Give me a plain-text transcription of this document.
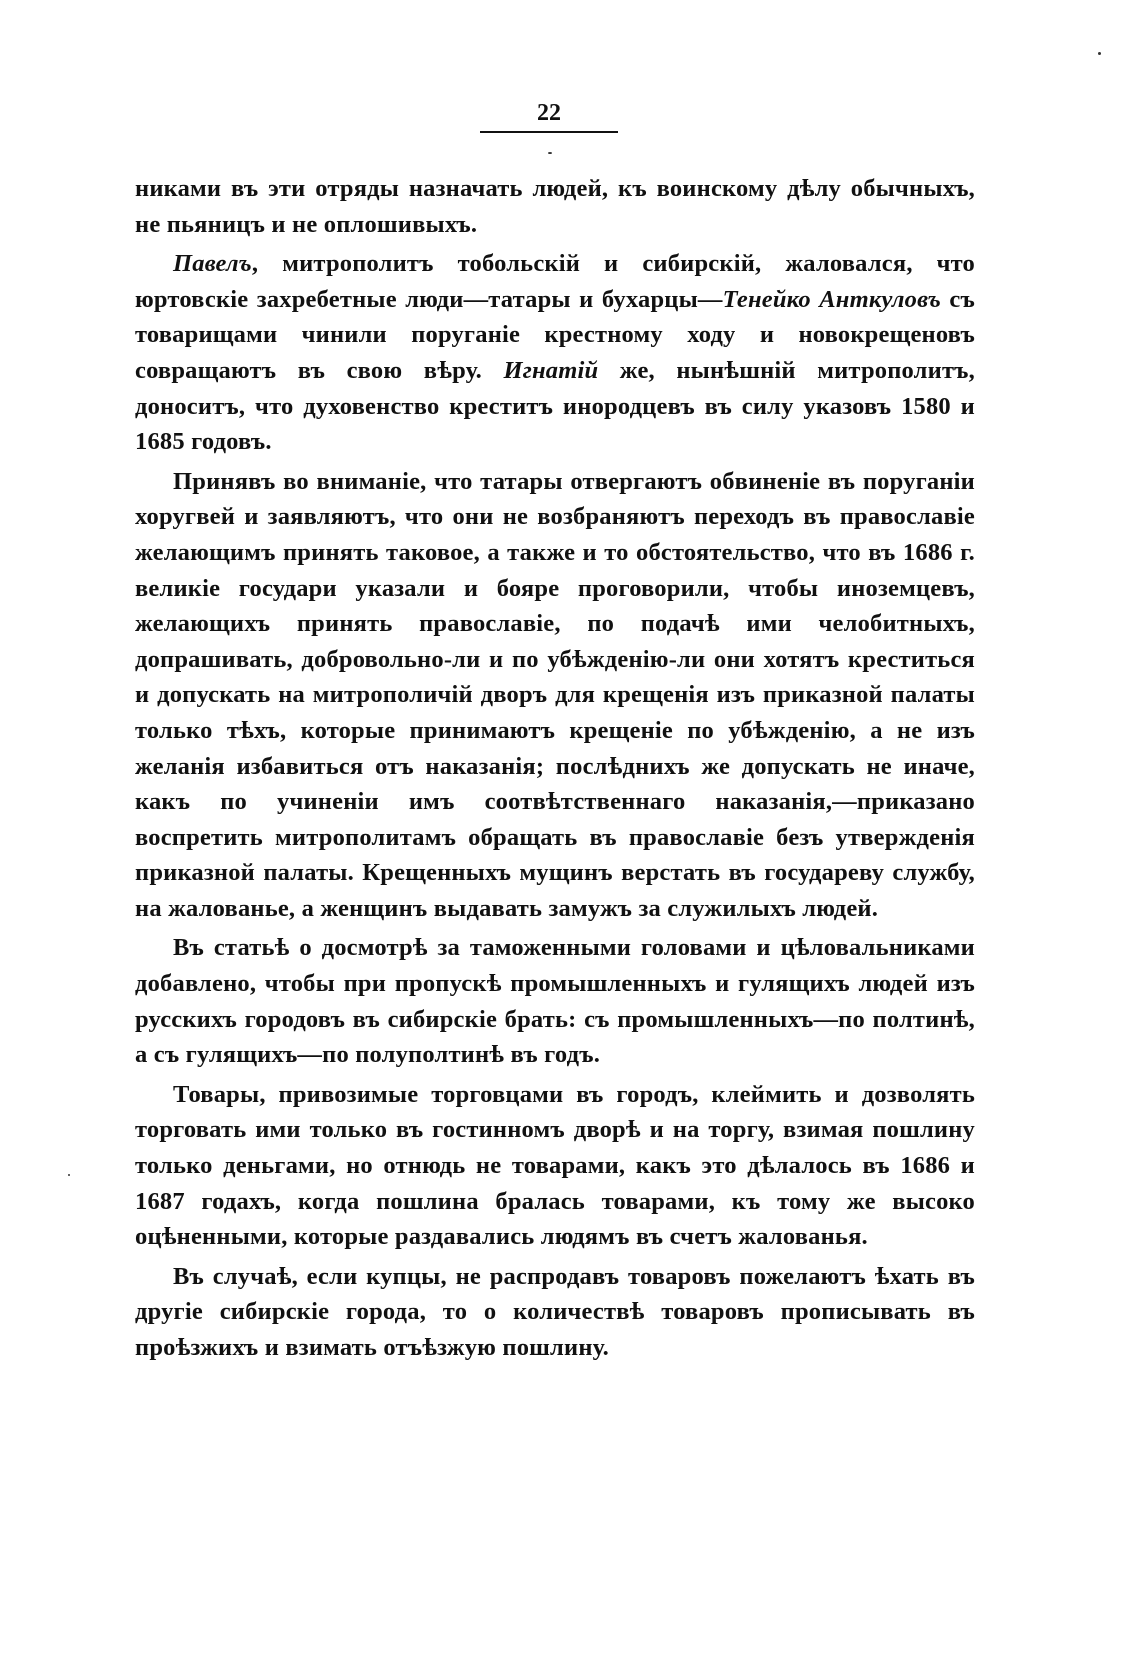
22

никами въ эти отряды назначать людей, къ воинскому дѣлу обычныхъ, не пьяницъ и не оплошивыхъ.

Павелъ, митрополитъ тобольскій и сибирскій, жаловался, что юртовскіе захребетные люди—татары и бухарцы—Тенейко Анткуловъ съ товарищами чинили поруганіе крестному ходу и новокрещеновъ совращаютъ въ свою вѣру. Игнатій же, нынѣшній митрополитъ, доноситъ, что духовенство креститъ инородцевъ въ силу указовъ 1580 и 1685 годовъ.

Принявъ во вниманіе, что татары отвергаютъ обвиненіе въ поруганіи хоругвей и заявляютъ, что они не возбраняютъ переходъ въ православіе желающимъ принять таковое, а также и то обстоятельство, что въ 1686 г. великіе государи указали и бояре проговорили, чтобы иноземцевъ, желающихъ принять православіе, по подачѣ ими челобитныхъ, допрашивать, добровольно-ли и по убѣжденію-ли они хотятъ креститься и допускать на митрополичій дворъ для крещенія изъ приказной палаты только тѣхъ, которые принимаютъ крещеніе по убѣжденію, а не изъ желанія избавиться отъ наказанія; послѣднихъ же допускать не иначе, какъ по учиненіи имъ соотвѣтственнаго наказанія,—приказано воспретить митрополитамъ обращать въ православіе безъ утвержденія приказной палаты. Крещенныхъ мущинъ верстать въ государеву службу, на жалованье, а женщинъ выдавать замужъ за служилыхъ людей.

Въ статьѣ о досмотрѣ за таможенными головами и цѣловальниками добавлено, чтобы при пропускѣ промышленныхъ и гулящихъ людей изъ русскихъ городовъ въ сибирскіе брать: съ промышленныхъ—по полтинѣ, а съ гулящихъ—по полуполтинѣ въ годъ.

Товары, привозимые торговцами въ городъ, клеймить и дозволять торговать ими только въ гостинномъ дворѣ и на торгу, взимая пошлину только деньгами, но отнюдь не товарами, какъ это дѣлалось въ 1686 и 1687 годахъ, когда пошлина бралась товарами, къ тому же высоко оцѣненными, которые раздавались людямъ въ счетъ жалованья.

Въ случаѣ, если купцы, не распродавъ товаровъ пожелаютъ ѣхать въ другіе сибирскіе города, то о количествѣ товаровъ прописывать въ проѣзжихъ и взимать отъѣзжую пошлину.
